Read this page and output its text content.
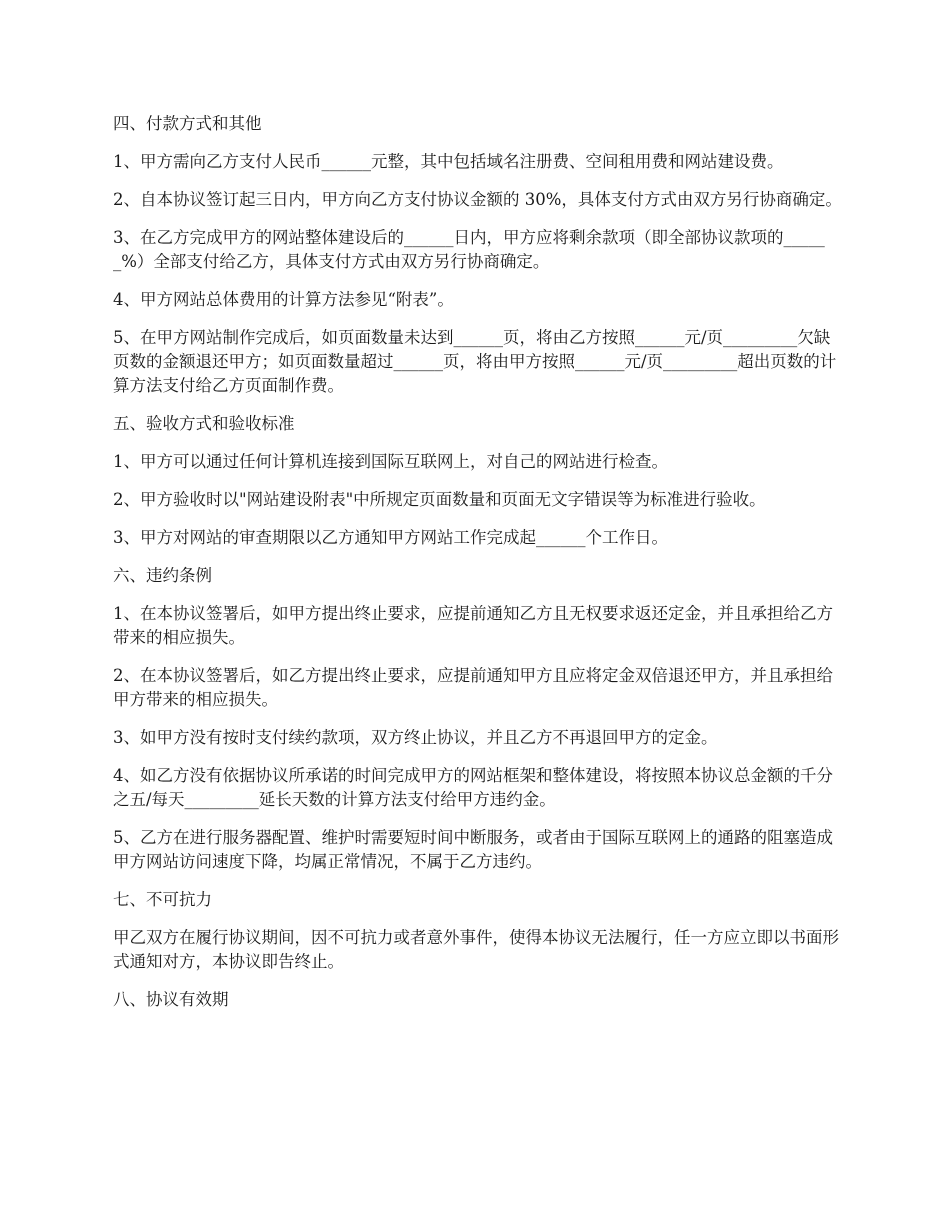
四、付款方式和其他

1、甲方需向乙方支付人民币______元整，其中包括域名注册费、空间租用费和网站建设费。

2、自本协议签订起三日内，甲方向乙方支付协议金额的 30%，具体支付方式由双方另行协商确定。

3、在乙方完成甲方的网站整体建设后的______日内，甲方应将剩余款项（即全部协议款项的______%）全部支付给乙方，具体支付方式由双方另行协商确定。

4、甲方网站总体费用的计算方法参见“附表”。

5、在甲方网站制作完成后，如页面数量未达到______页，将由乙方按照______元/页_________欠缺页数的金额退还甲方；如页面数量超过______页，将由甲方按照______元/页_________超出页数的计算方法支付给乙方页面制作费。

五、验收方式和验收标准

1、甲方可以通过任何计算机连接到国际互联网上，对自己的网站进行检查。

2、甲方验收时以"网站建设附表"中所规定页面数量和页面无文字错误等为标准进行验收。

3、甲方对网站的审查期限以乙方通知甲方网站工作完成起______个工作日。

六、违约条例

1、在本协议签署后，如甲方提出终止要求，应提前通知乙方且无权要求返还定金，并且承担给乙方带来的相应损失。

2、在本协议签署后，如乙方提出终止要求，应提前通知甲方且应将定金双倍退还甲方，并且承担给甲方带来的相应损失。

3、如甲方没有按时支付续约款项，双方终止协议，并且乙方不再退回甲方的定金。

4、如乙方没有依据协议所承诺的时间完成甲方的网站框架和整体建设，将按照本协议总金额的千分之五/每天_________延长天数的计算方法支付给甲方违约金。

5、乙方在进行服务器配置、维护时需要短时间中断服务，或者由于国际互联网上的通路的阻塞造成甲方网站访问速度下降，均属正常情况，不属于乙方违约。

七、不可抗力

甲乙双方在履行协议期间，因不可抗力或者意外事件，使得本协议无法履行，任一方应立即以书面形式通知对方，本协议即告终止。

八、协议有效期
